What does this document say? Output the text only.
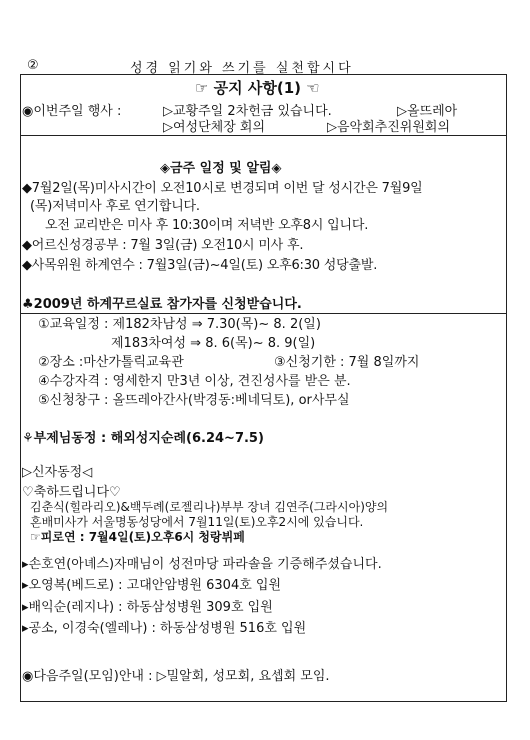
②	성경 읽기와 쓰기를 실천합시다
☞ 공지 사항(1) ☜
◉이번주일 행사 :	▷교황주일 2차헌금 있습니다.	▷올뜨레아
▷여성단체장 회의	▷음악회추진위원회의
◈금주 일정 및 알림◈
◆7월2일(목)미사시간이 오전10시로 변경되며 이번 달 성시간은 7월9일
(목)저녁미사 후로 연기합니다.
오전 교리반은 미사 후 10:30이며 저녁반 오후8시 입니다.
◆어르신성경공부 : 7월 3일(금) 오전10시 미사 후.
◆사목위원 하계연수 : 7월3일(금)~4일(토) 오후6:30 성당출발.
♣2009년 하계꾸르실료 참가자를 신청받습니다.
①교육일정 : 제182차남성 ⇒ 7.30(목)~ 8. 2(일)
제183차여성 ⇒ 8. 6(목)~ 8. 9(일)
②장소 :마산가톨릭교육관	③신청기한 : 7월 8일까지
④수강자격 : 영세한지 만3년 이상, 견진성사를 받은 분.
⑤신청창구 : 올뜨레아간사(박경동:베네딕토), or사무실
⚘부제님동정 : 해외성지순례(6.24~7.5)
▷신자동정◁
♡축하드립니다♡
김춘식(힐라리오)&백두례(로젤리나)부부 장녀 김연주(그라시아)양의
혼배미사가 서울명동성당에서 7월11일(토)오후2시에 있습니다.
☞피로연 : 7월4일(토)오후6시 청랑뷔페
▸손호연(아녜스)자매님이 성전마당 파라솔을 기증해주셨습니다.
▸오영복(베드로) : 고대안암병원 6304호 입원
▸배익순(레지나) : 하동삼성병원 309호 입원
▸공소, 이경숙(엘레나) : 하동삼성병원 516호 입원
◉다음주일(모임)안내 : ▷밀알회, 성모회, 요셉회 모임.
